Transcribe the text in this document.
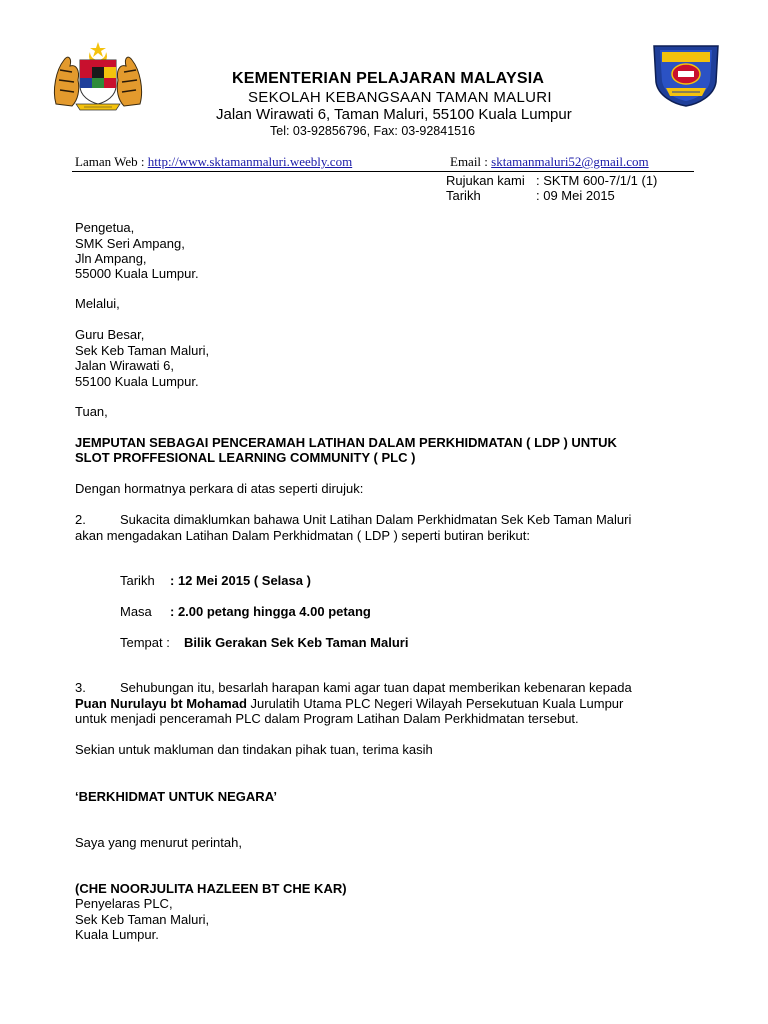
KEMENTERIAN PELAJARAN MALAYSIA
SEKOLAH KEBANGSAAN TAMAN MALURI
Jalan Wirawati 6, Taman Maluri, 55100 Kuala Lumpur
Tel: 03-92856796, Fax: 03-92841516
Laman Web : http://www.sktamanmaluri.weebly.com	Email : sktamanmaluri52@gmail.com
Rujukan kami : SKTM 600-7/1/1 (1)
Tarikh	: 09 Mei 2015
Pengetua,
SMK Seri Ampang,
Jln Ampang,
55000 Kuala Lumpur.
Melalui,
Guru Besar,
Sek Keb Taman Maluri,
Jalan Wirawati 6,
55100 Kuala Lumpur.
Tuan,
JEMPUTAN SEBAGAI PENCERAMAH LATIHAN DALAM PERKHIDMATAN ( LDP ) UNTUK
SLOT PROFFESIONAL LEARNING COMMUNITY ( PLC )
Dengan hormatnya perkara di atas seperti dirujuk:
2.	Sukacita dimaklumkan bahawa Unit Latihan Dalam Perkhidmatan Sek Keb Taman Maluri
akan mengadakan Latihan Dalam Perkhidmatan ( LDP ) seperti butiran berikut:
Tarikh : 12 Mei 2015 ( Selasa )
Masa : 2.00 petang hingga 4.00 petang
Tempat : Bilik Gerakan Sek Keb Taman Maluri
3.	Sehubungan itu, besarlah harapan kami agar tuan dapat memberikan kebenaran kepada
Puan Nurulayu bt Mohamad Jurulatih Utama PLC Negeri Wilayah Persekutuan Kuala Lumpur
untuk menjadi penceramah PLC dalam Program Latihan Dalam Perkhidmatan tersebut.
Sekian untuk makluman dan tindakan pihak tuan, terima kasih
‘BERKHIDMAT UNTUK NEGARA’
Saya yang menurut perintah,
(CHE NOORJULITA HAZLEEN BT CHE KAR)
Penyelaras PLC,
Sek Keb Taman Maluri,
Kuala Lumpur.
